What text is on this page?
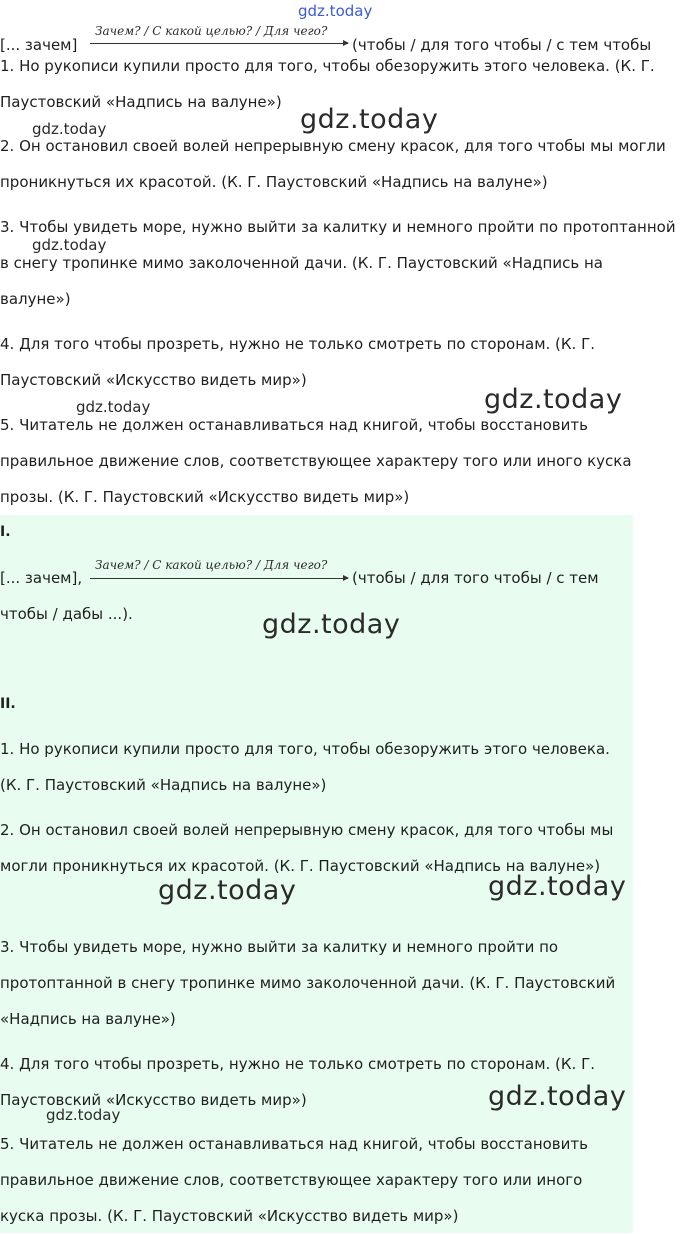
gdz.today
Зачем? / С какой целью? / Для чего?
[... зачем]	(чтобы / для того чтобы / с тем чтобы

1. Но рукописи купили просто для того, чтобы обезоружить этого человека. (К. Г. Паустовский «Надпись на валуне»)

2. Он остановил своей волей непрерывную смену красок, для того чтобы мы могли проникнуться их красотой. (К. Г. Паустовский «Надпись на валуне»)

3. Чтобы увидеть море, нужно выйти за калитку и немного пройти по протоптанной в снегу тропинке мимо заколоченной дачи. (К. Г. Паустовский «Надпись на валуне»)

4. Для того чтобы прозреть, нужно не только смотреть по сторонам. (К. Г. Паустовский «Искусство видеть мир»)

5. Читатель не должен останавливаться над книгой, чтобы восстановить правильное движение слов, соответствующее характеру того или иного куска прозы. (К. Г. Паустовский «Искусство видеть мир»)

I.
Зачем? / С какой целью? / Для чего?
[... зачем],	(чтобы / для того чтобы / с тем
чтобы / дабы ...).
II.

1. Но рукописи купили просто для того, чтобы обезоружить этого человека. (К. Г. Паустовский «Надпись на валуне»)

2. Он остановил своей волей непрерывную смену красок, для того чтобы мы могли проникнуться их красотой. (К. Г. Паустовский «Надпись на валуне»)

3. Чтобы увидеть море, нужно выйти за калитку и немного пройти по протоптанной в снегу тропинке мимо заколоченной дачи. (К. Г. Паустовский «Надпись на валуне»)

4. Для того чтобы прозреть, нужно не только смотреть по сторонам. (К. Г. Паустовский «Искусство видеть мир»)

5. Читатель не должен останавливаться над книгой, чтобы восстановить правильное движение слов, соответствующее характеру того или иного куска прозы. (К. Г. Паустовский «Искусство видеть мир»)

gdz.today	gdz.today
gdz.today
gdz.today	gdz.today
gdz.today
gdz.today	gdz.today
gdz.today
gdz.today
